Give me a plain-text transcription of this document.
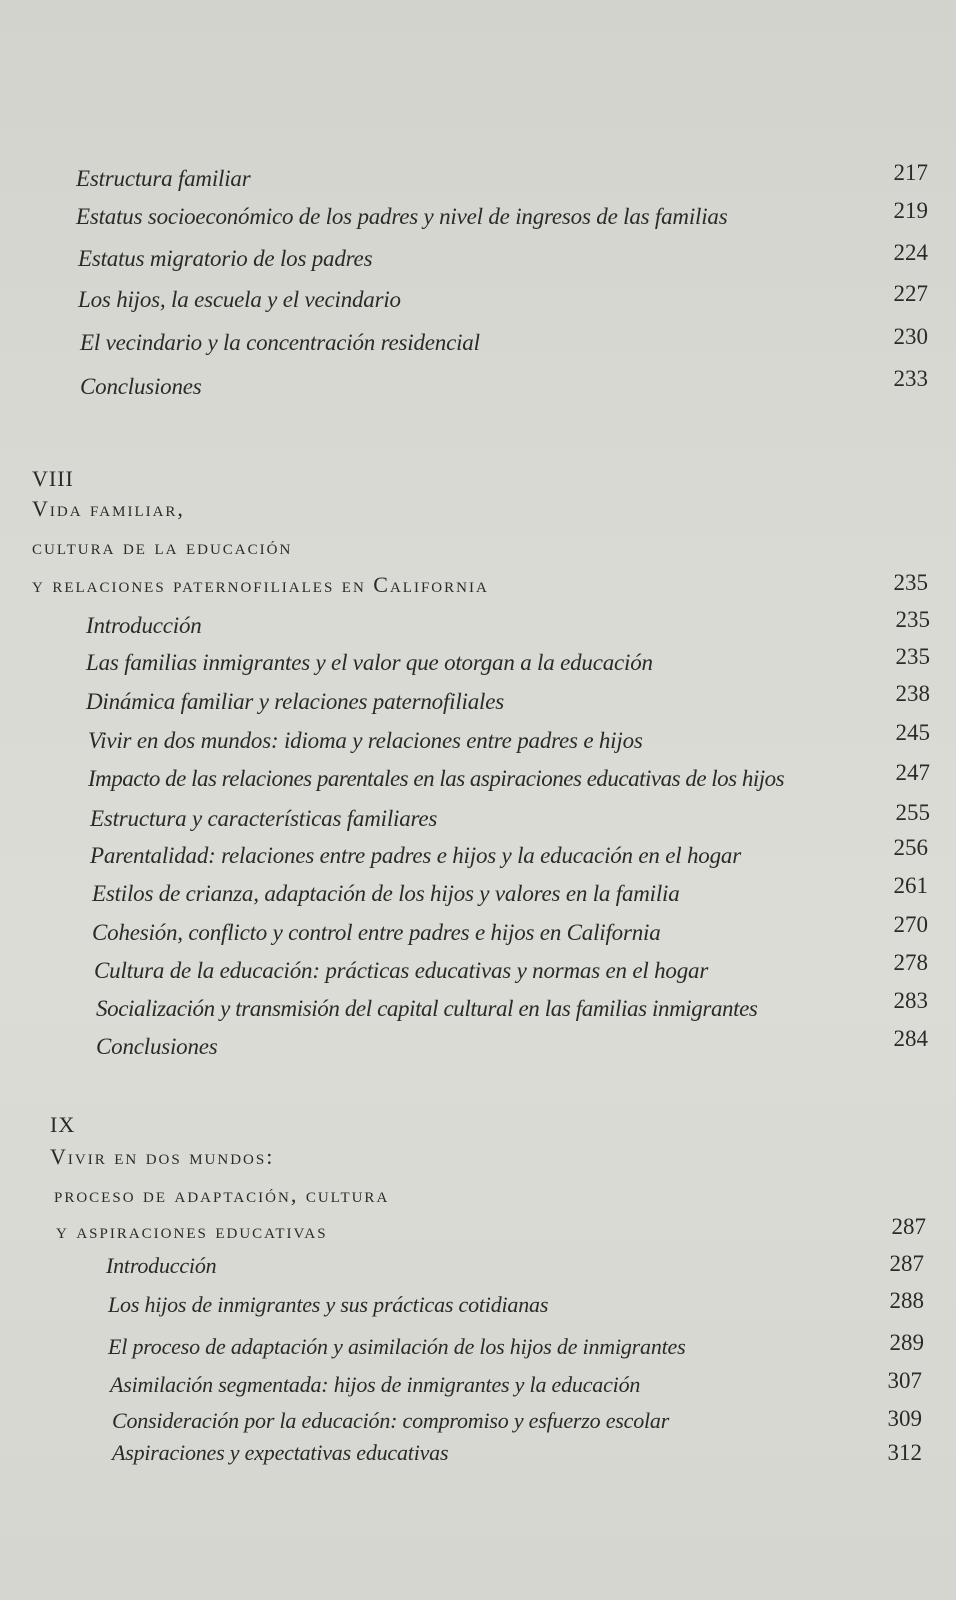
Estructura familiar	217
Estatus socioeconómico de los padres y nivel de ingresos de las familias	219
Estatus migratorio de los padres	224
Los hijos, la escuela y el vecindario	227
El vecindario y la concentración residencial	230
Conclusiones	233
VIII
Vida familiar,
cultura de la educación
y relaciones paternofiliales en California	235
Introducción	235
Las familias inmigrantes y el valor que otorgan a la educación	235
Dinámica familiar y relaciones paternofiliales	238
Vivir en dos mundos: idioma y relaciones entre padres e hijos	245
Impacto de las relaciones parentales en las aspiraciones educativas de los hijos	247
Estructura y características familiares	255
Parentalidad: relaciones entre padres e hijos y la educación en el hogar	256
Estilos de crianza, adaptación de los hijos y valores en la familia	261
Cohesión, conflicto y control entre padres e hijos en California	270
Cultura de la educación: prácticas educativas y normas en el hogar	278
Socialización y transmisión del capital cultural en las familias inmigrantes	283
Conclusiones	284
IX
Vivir en dos mundos:
proceso de adaptación, cultura
y aspiraciones educativas	287
Introducción	287
Los hijos de inmigrantes y sus prácticas cotidianas	288
El proceso de adaptación y asimilación de los hijos de inmigrantes	289
Asimilación segmentada: hijos de inmigrantes y la educación	307
Consideración por la educación: compromiso y esfuerzo escolar	309
Aspiraciones y expectativas educativas	312
